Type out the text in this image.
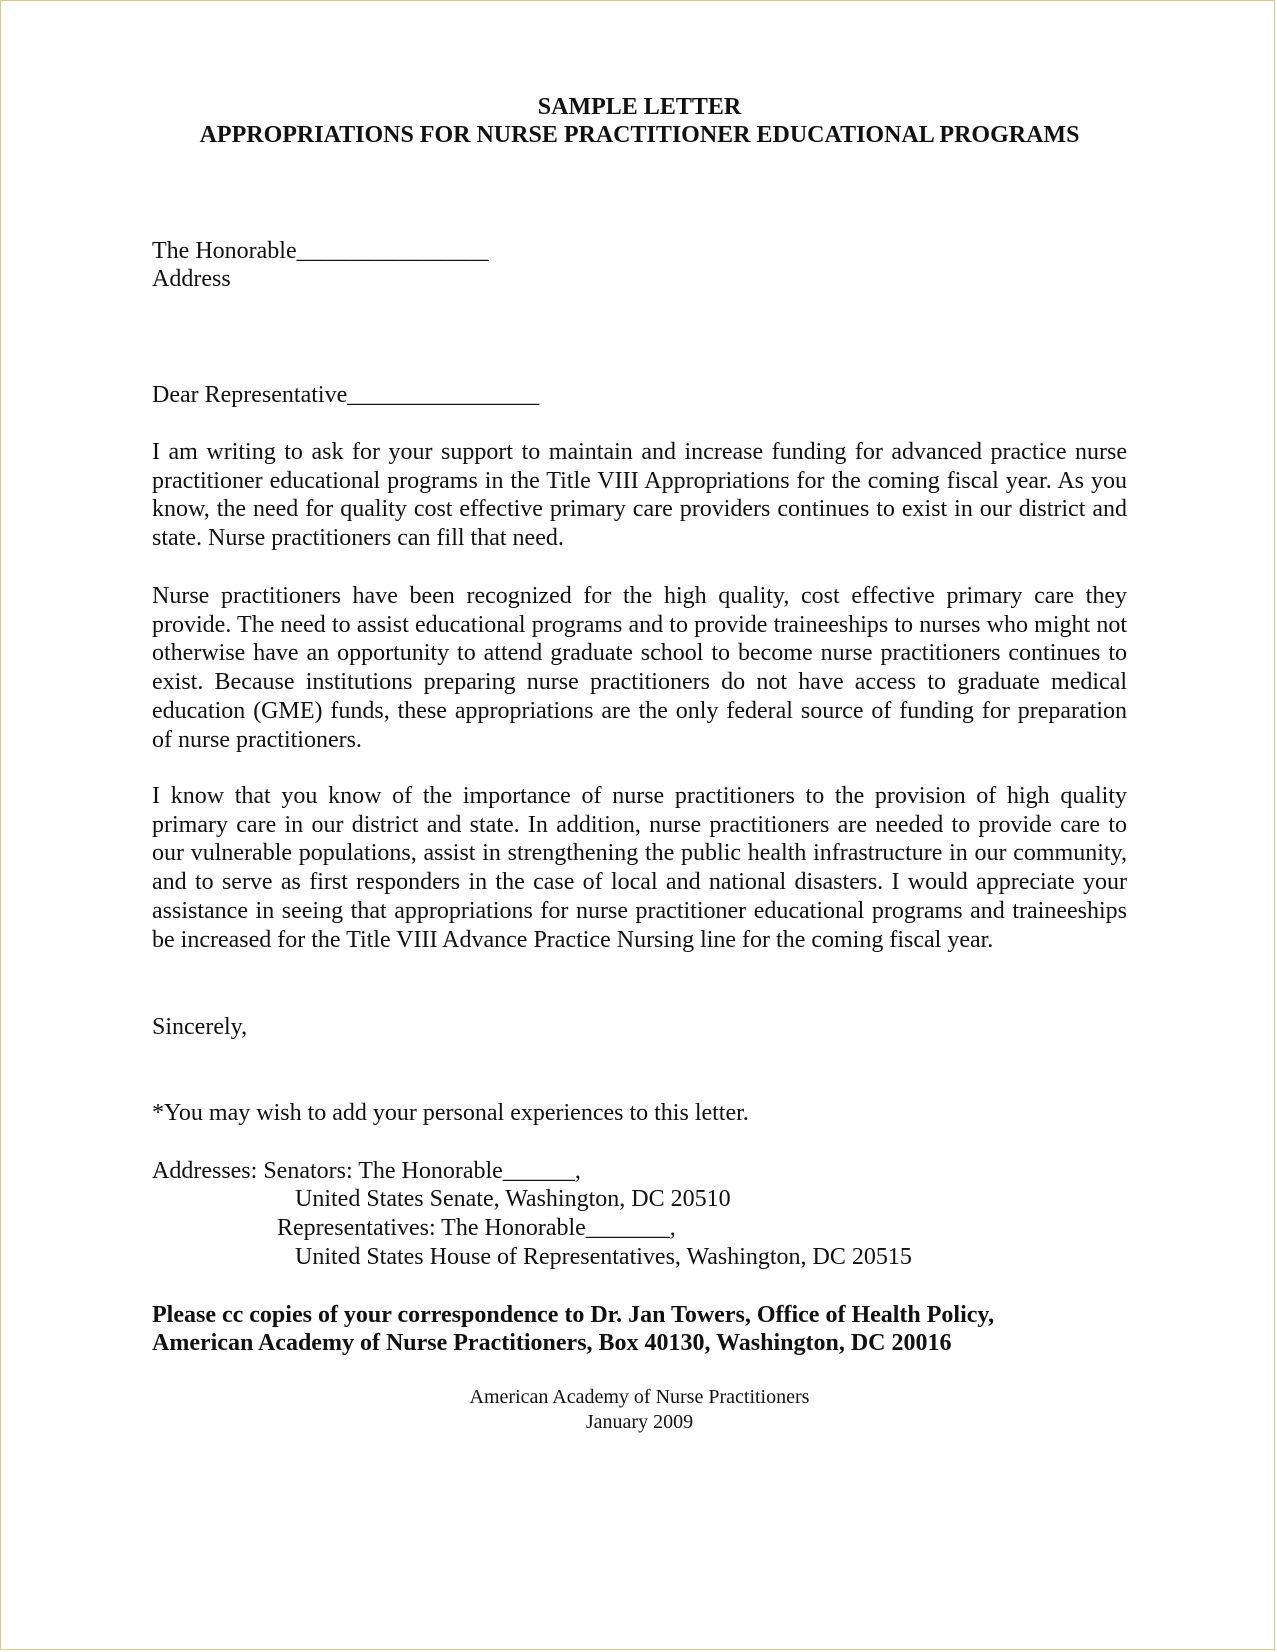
SAMPLE LETTER
APPROPRIATIONS FOR NURSE PRACTITIONER EDUCATIONAL PROGRAMS
The Honorable________________
Address
Dear Representative________________
I am writing to ask for your support to maintain and increase funding for advanced practice nurse practitioner educational programs in the Title VIII Appropriations for the coming fiscal year. As you know, the need for quality cost effective primary care providers continues to exist in our district and state. Nurse practitioners can fill that need.
Nurse practitioners have been recognized for the high quality, cost effective primary care they provide. The need to assist educational programs and to provide traineeships to nurses who might not otherwise have an opportunity to attend graduate school to become nurse practitioners continues to exist. Because institutions preparing nurse practitioners do not have access to graduate medical education (GME) funds, these appropriations are the only federal source of funding for preparation of nurse practitioners.
I know that you know of the importance of nurse practitioners to the provision of high quality primary care in our district and state. In addition, nurse practitioners are needed to provide care to our vulnerable populations, assist in strengthening the public health infrastructure in our community, and to serve as first responders in the case of local and national disasters. I would appreciate your assistance in seeing that appropriations for nurse practitioner educational programs and traineeships be increased for the Title VIII Advance Practice Nursing line for the coming fiscal year.
Sincerely,
*You may wish to add your personal experiences to this letter.
Addresses: Senators: The Honorable______,
United States Senate, Washington, DC 20510
Representatives: The Honorable_______,
United States House of Representatives, Washington, DC 20515
Please cc copies of your correspondence to Dr. Jan Towers, Office of Health Policy,
American Academy of Nurse Practitioners, Box 40130, Washington, DC 20016
American Academy of Nurse Practitioners
January 2009
